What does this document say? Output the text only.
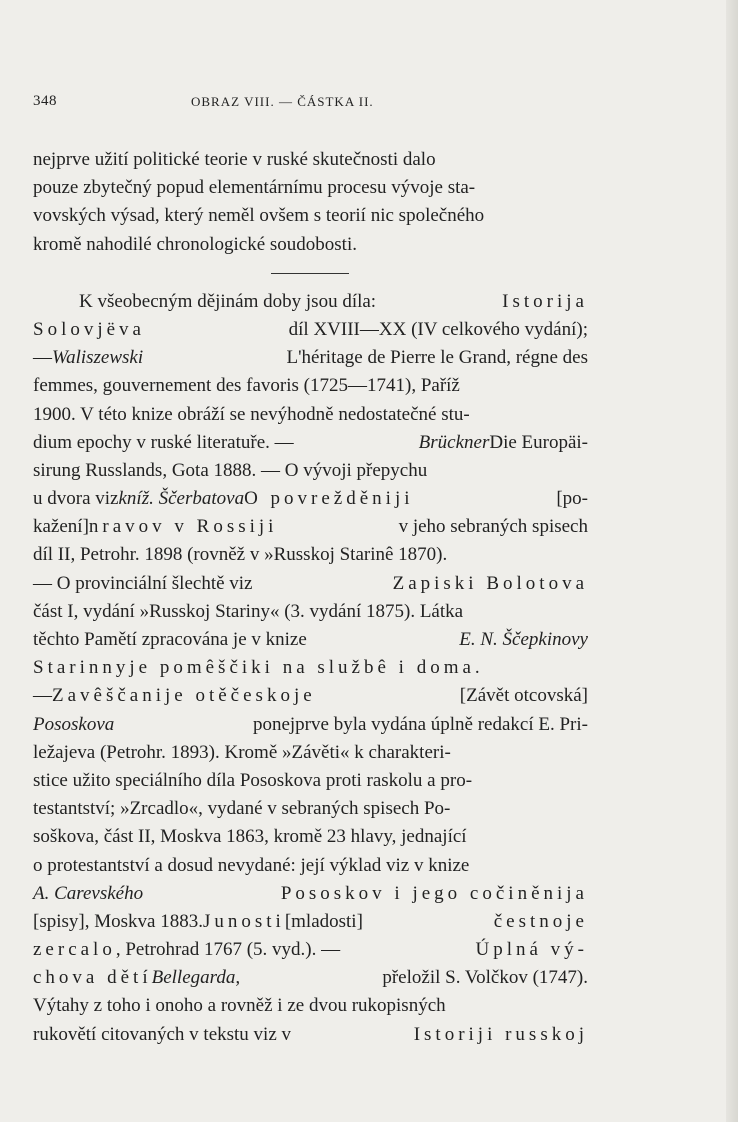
348	OBRAZ VIII. — ČÁSTKA II.
nejprve užití politické teorie v ruské skutečnosti dalo
pouze zbytečný popud elementárnímu procesu vývoje sta-
vovských výsad, který neměl ovšem s teorií nic společného
kromě nahodilé chronologické soudobosti.
K všeobecným dějinám doby jsou díla:	Istorija
Solovjëva	díl XVIII—XX (IV celkového vydání);
—Waliszewski	L'héritage de Pierre le Grand, régne des
femmes, gouvernement des favoris (1725—1741), Paříž
1900. V této knize obráží se nevýhodně nedostatečné stu-
dium epochy v ruské literatuře. —	BrücknerDie Europäi-
sirung Russlands, Gota 1888. — O vývoji přepychu
u dvora vizkníž. ŠčerbatovaO povrežděniji	[po-
kažení]nravov v Rossiji	v jeho sebraných spisech
díl II, Petrohr. 1898 (rovněž v »Russkoj Starinê 1870).
— O provinciální šlechtě viz	Zapiski Bolotova
část I, vydání »Russkoj Stariny« (3. vydání 1875). Látka
těchto Pamětí zpracována je v knize	E. N. Ščepkinovy
Starinnyje pomêščiki na službê i doma.
—Zavêščanije otěčeskoje	[Závět otcovská]
Pososkova	ponejprve byla vydána úplně redakcí E. Pri-
ležajeva (Petrohr. 1893). Kromě »Závěti« k charakteri-
stice užito speciálního díla Pososkova proti raskolu a pro-
testantství; »Zrcadlo«, vydané v sebraných spisech Po-
soškova, část II, Moskva 1863, kromě 23 hlavy, jednající
o protestantství a dosud nevydané: její výklad viz v knize
A. Carevského	Pososkov i jego cočiněnija
[spisy], Moskva 1883.Junosti[mladosti]	čestnoje
zercalo, Petrohrad 1767 (5. vyd.). —	Úplná vý-
chova dětíBellegarda,	přeložil S. Volčkov (1747).
Výtahy z toho i onoho a rovněž i ze dvou rukopisných
rukovětí citovaných v tekstu viz v	Istoriji russkoj
